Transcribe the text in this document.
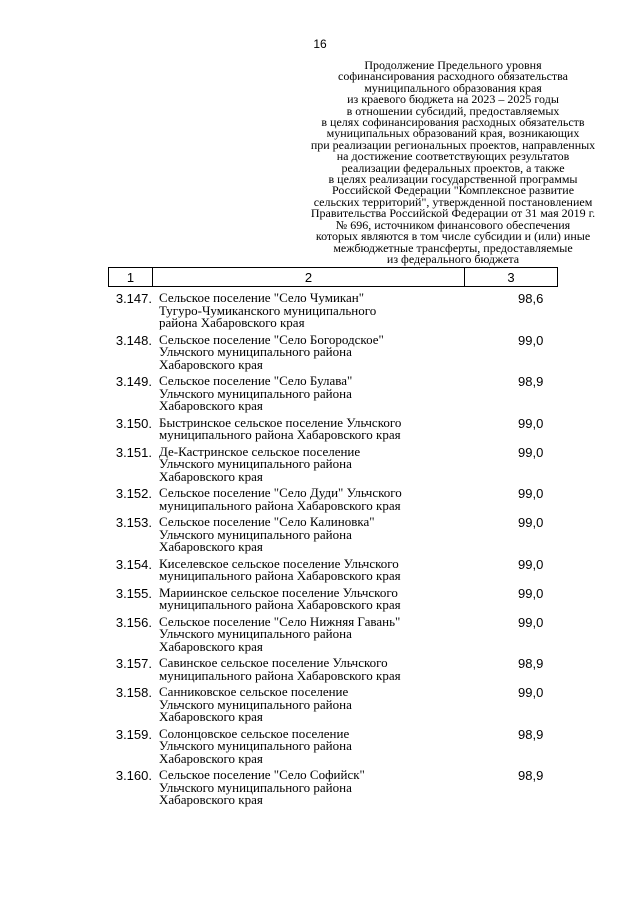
16
Продолжение Предельного уровня
софинансирования расходного обязательства
муниципального образования края
из краевого бюджета на 2023 – 2025 годы
в отношении субсидий, предоставляемых
в целях софинансирования расходных обязательств
муниципальных образований края, возникающих
при реализации региональных проектов, направленных
на достижение соответствующих результатов
реализации федеральных проектов, а также
в целях реализации государственной программы
Российской Федерации "Комплексное развитие
сельских территорий", утвержденной постановлением
Правительства Российской Федерации от 31 мая 2019 г.
№ 696, источником финансового обеспечения
которых являются в том числе субсидии и (или) иные
межбюджетные трансферты, предоставляемые
из федерального бюджета
1	2	3
3.147. Сельское поселение "Село Чумикан"
Тугуро-Чумиканского муниципального
района Хабаровского края
98,6
3.148. Сельское поселение "Село Богородское"
Ульчского муниципального района
Хабаровского края
99,0
3.149. Сельское поселение "Село Булава"
Ульчского муниципального района
Хабаровского края
98,9
3.150. Быстринское сельское поселение Ульчского
муниципального района Хабаровского края
99,0
3.151. Де-Кастринское сельское поселение
Ульчского муниципального района
Хабаровского края
99,0
3.152. Сельское поселение "Село Дуди" Ульчского
муниципального района Хабаровского края
99,0
3.153. Сельское поселение "Село Калиновка"
Ульчского муниципального района
Хабаровского края
99,0
3.154. Киселевское сельское поселение Ульчского
муниципального района Хабаровского края
99,0
3.155. Мариинское сельское поселение Ульчского
муниципального района Хабаровского края
99,0
3.156. Сельское поселение "Село Нижняя Гавань"
Ульчского муниципального района
Хабаровского края
99,0
3.157. Савинское сельское поселение Ульчского
муниципального района Хабаровского края
98,9
3.158. Санниковское сельское поселение
Ульчского муниципального района
Хабаровского края
99,0
3.159. Солонцовское сельское поселение
Ульчского муниципального района
Хабаровского края
98,9
3.160. Сельское поселение "Село Софийск"
Ульчского муниципального района
Хабаровского края
98,9
